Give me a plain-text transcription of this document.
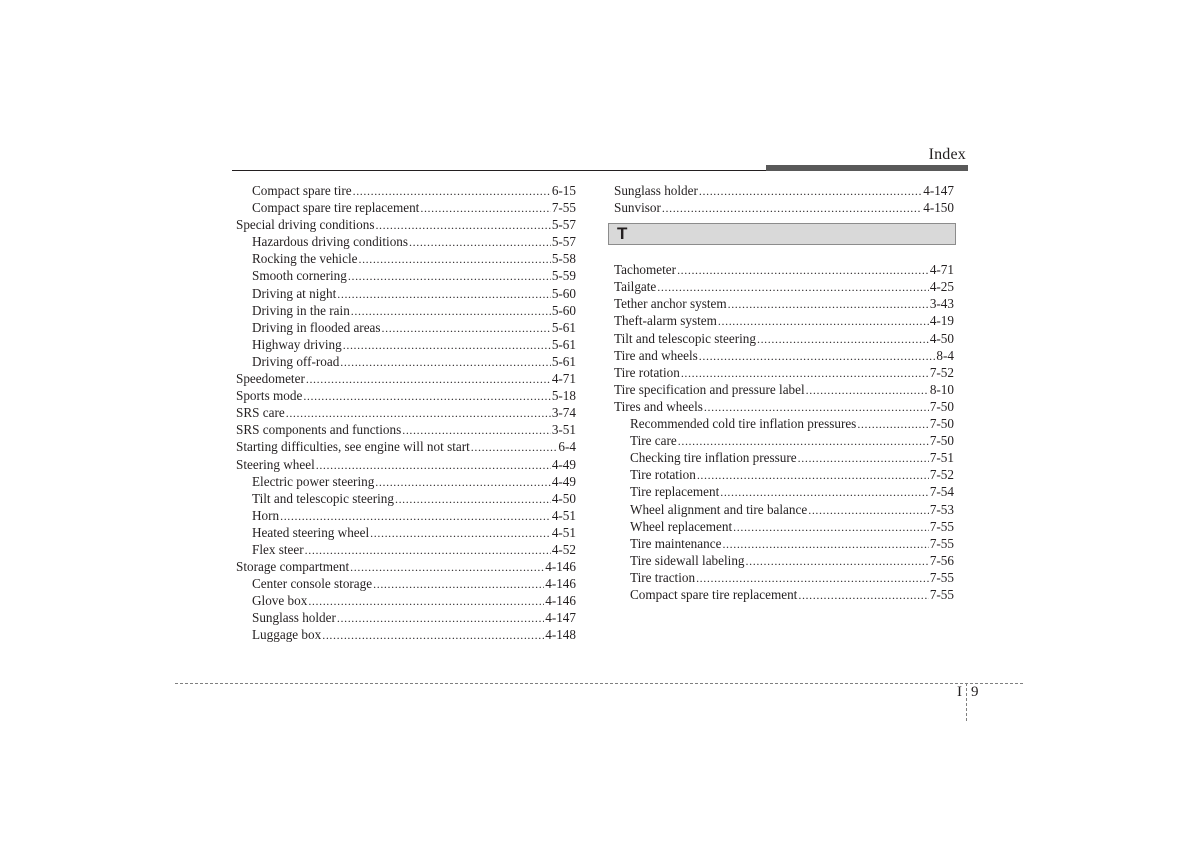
Index
Compact spare tire .....	6-15
Compact spare tire replacement .....	7-55
Special driving conditions .....	5-57
Hazardous driving conditions .....	5-57
Rocking the vehicle .....	5-58
Smooth cornering .....	5-59
Driving at night .....	5-60
Driving in the rain .....	5-60
Driving in flooded areas .....	5-61
Highway driving .....	5-61
Driving off-road .....	5-61
Speedometer .....	4-71
Sports mode .....	5-18
SRS care .....	3-74
SRS components and functions .....	3-51
Starting difficulties, see engine will not start .....	6-4
Steering wheel .....	4-49
Electric power steering .....	4-49
Tilt and telescopic steering .....	4-50
Horn .....	4-51
Heated steering wheel .....	4-51
Flex steer .....	4-52
Storage compartment .....	4-146
Center console storage .....	4-146
Glove box .....	4-146
Sunglass holder .....	4-147
Luggage box .....	4-148
Sunglass holder .....	4-147
Sunvisor .....	4-150
T
Tachometer .....	4-71
Tailgate .....	4-25
Tether anchor system .....	3-43
Theft-alarm system .....	4-19
Tilt and telescopic steering .....	4-50
Tire and wheels .....	8-4
Tire rotation .....	7-52
Tire specification and pressure label .....	8-10
Tires and wheels .....	7-50
Recommended cold tire inflation pressures .....	7-50
Tire care .....	7-50
Checking tire inflation pressure .....	7-51
Tire rotation .....	7-52
Tire replacement .....	7-54
Wheel alignment and tire balance .....	7-53
Wheel replacement .....	7-55
Tire maintenance .....	7-55
Tire sidewall labeling .....	7-56
Tire traction .....	7-55
Compact spare tire replacement .....	7-55
I 9
